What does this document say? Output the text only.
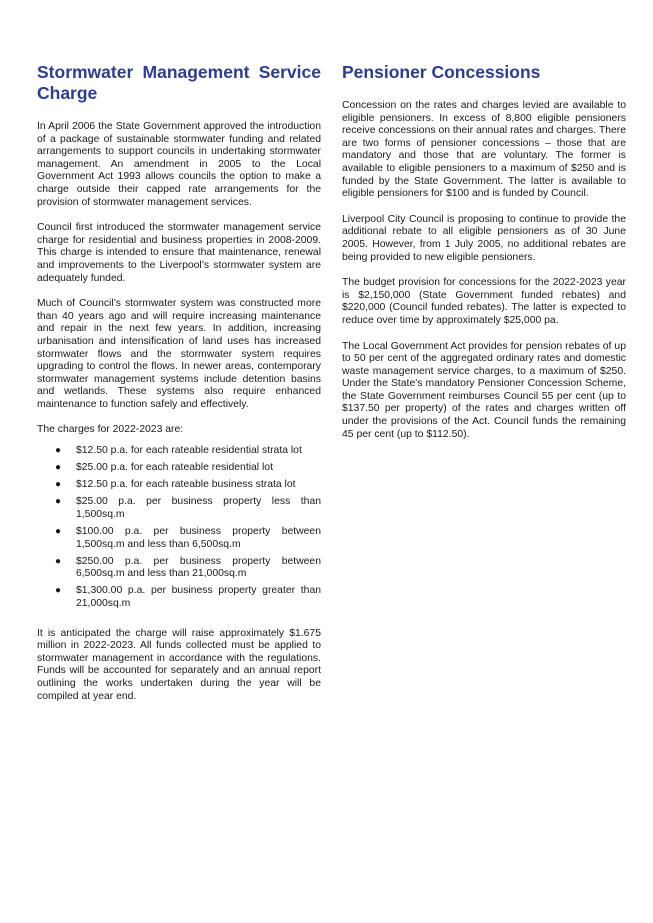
Stormwater Management Service Charge

In April 2006 the State Government approved the introduction of a package of sustainable stormwater funding and related arrangements to support councils in undertaking stormwater management. An amendment in 2005 to the Local Government Act 1993 allows councils the option to make a charge outside their capped rate arrangements for the provision of stormwater management services.

Council first introduced the stormwater management service charge for residential and business properties in 2008-2009. This charge is intended to ensure that maintenance, renewal and improvements to the Liverpool’s stormwater system are adequately funded.

Much of Council’s stormwater system was constructed more than 40 years ago and will require increasing maintenance and repair in the next few years. In addition, increasing urbanisation and intensification of land uses has increased stormwater flows and the stormwater system requires upgrading to control the flows. In newer areas, contemporary stormwater management systems include detention basins and wetlands. These systems also require enhanced maintenance to function safely and effectively.

The charges for 2022-2023 are:

● $12.50 p.a. for each rateable residential strata lot
● $25.00 p.a. for each rateable residential lot
● $12.50 p.a. for each rateable business strata lot
● $25.00 p.a. per business property less than 1,500sq.m
● $100.00 p.a. per business property between 1,500sq.m and less than 6,500sq.m
● $250.00 p.a. per business property between 6,500sq.m and less than 21,000sq.m
● $1,300.00 p.a. per business property greater than 21,000sq.m

It is anticipated the charge will raise approximately $1.675 million in 2022-2023. All funds collected must be applied to stormwater management in accordance with the regulations. Funds will be accounted for separately and an annual report outlining the works undertaken during the year will be compiled at year end.

Pensioner Concessions

Concession on the rates and charges levied are available to eligible pensioners. In excess of 8,800 eligible pensioners receive concessions on their annual rates and charges. There are two forms of pensioner concessions – those that are mandatory and those that are voluntary. The former is available to eligible pensioners to a maximum of $250 and is funded by the State Government. The latter is available to eligible pensioners for $100 and is funded by Council.

Liverpool City Council is proposing to continue to provide the additional rebate to all eligible pensioners as of 30 June 2005. However, from 1 July 2005, no additional rebates are being provided to new eligible pensioners.

The budget provision for concessions for the 2022-2023 year is $2,150,000 (State Government funded rebates) and $220,000 (Council funded rebates). The latter is expected to reduce over time by approximately $25,000 pa.

The Local Government Act provides for pension rebates of up to 50 per cent of the aggregated ordinary rates and domestic waste management service charges, to a maximum of $250. Under the State's mandatory Pensioner Concession Scheme, the State Government reimburses Council 55 per cent (up to $137.50 per property) of the rates and charges written off under the provisions of the Act. Council funds the remaining 45 per cent (up to $112.50).
